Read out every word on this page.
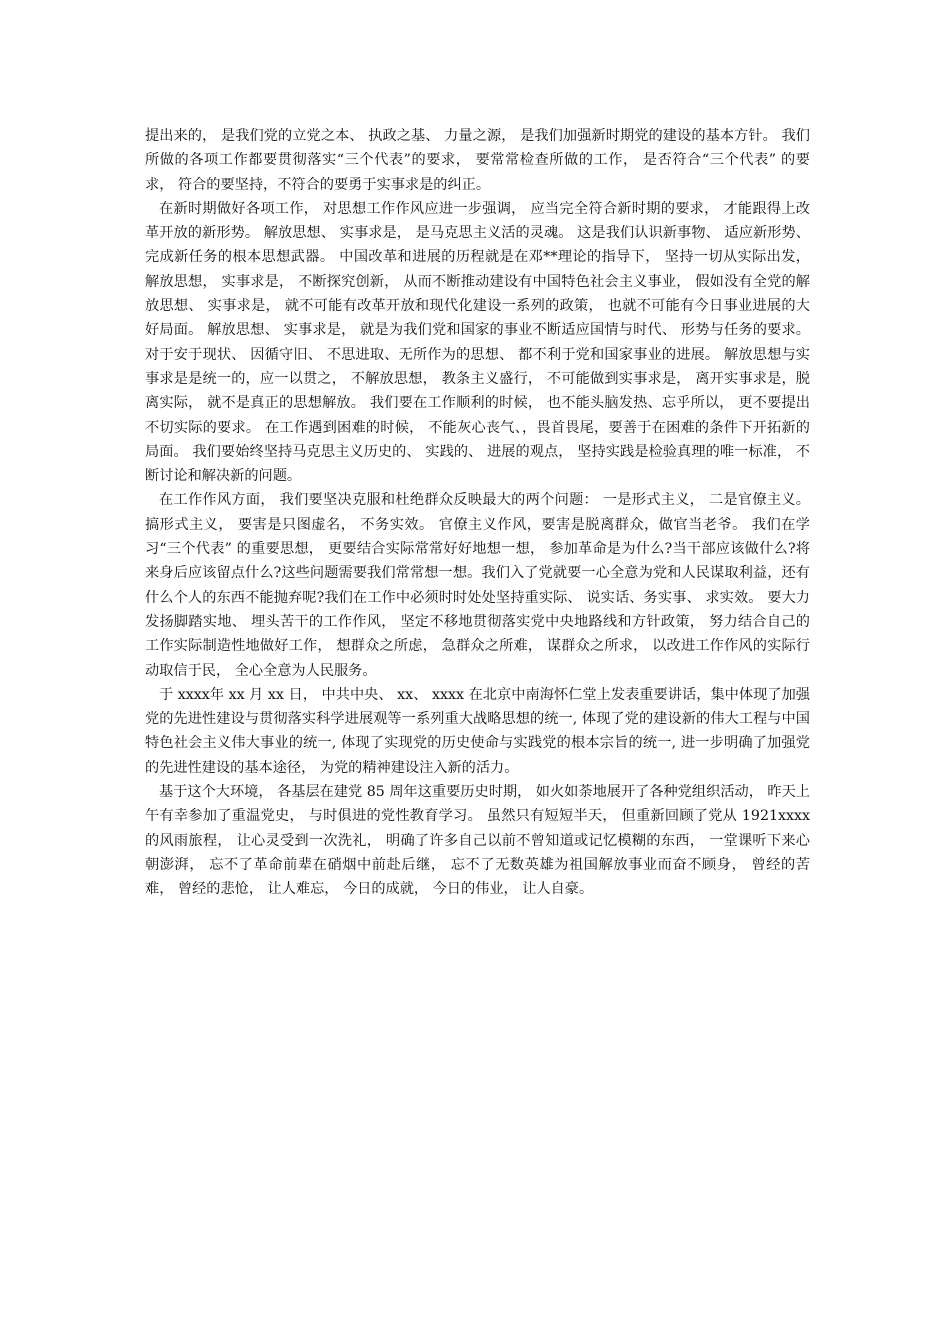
提出来的， 是我们党的立党之本、 执政之基、 力量之源， 是我们加强新时期党的建设的基本方针。 我们所做的各项工作都要贯彻落实“三个代表”的要求， 要常常检查所做的工作， 是否符合“三个代表” 的要求， 符合的要坚持，不符合的要勇于实事求是的纠正。

在新时期做好各项工作， 对思想工作作风应进一步强调， 应当完全符合新时期的要求， 才能跟得上改革开放的新形势。 解放思想、 实事求是， 是马克思主义活的灵魂。 这是我们认识新事物、 适应新形势、 完成新任务的根本思想武器。 中国改革和进展的历程就是在邓**理论的指导下， 坚持一切从实际出发， 解放思想， 实事求是， 不断探究创新， 从而不断推动建设有中国特色社会主义事业， 假如没有全党的解放思想、 实事求是， 就不可能有改革开放和现代化建设一系列的政策， 也就不可能有今日事业进展的大好局面。 解放思想、 实事求是， 就是为我们党和国家的事业不断适应国情与时代、 形势与任务的要求。 对于安于现状、 因循守旧、 不思进取、无所作为的思想、 都不利于党和国家事业的进展。 解放思想与实事求是是统一的，应一以贯之， 不解放思想， 教条主义盛行， 不可能做到实事求是， 离开实事求是，脱离实际， 就不是真正的思想解放。 我们要在工作顺利的时候， 也不能头脑发热、忘乎所以， 更不要提出不切实际的要求。 在工作遇到困难的时候， 不能灰心丧气、，畏首畏尾，要善于在困难的条件下开拓新的局面。 我们要始终坚持马克思主义历史的、 实践的、 进展的观点， 坚持实践是检验真理的唯一标准， 不断讨论和解决新的问题。

在工作作风方面， 我们要坚决克服和杜绝群众反映最大的两个问题： 一是形式主义， 二是官僚主义。 搞形式主义， 要害是只图虚名， 不务实效。 官僚主义作风，要害是脱离群众，做官当老爷。 我们在学习“三个代表” 的重要思想， 更要结合实际常常好好地想一想， 参加革命是为什么?当干部应该做什么?将来身后应该留点什么?这些问题需要我们常常想一想。我们入了党就要一心全意为党和人民谋取利益，还有什么个人的东西不能抛弃呢?我们在工作中必须时时处处坚持重实际、 说实话、务实事、 求实效。 要大力发扬脚踏实地、 埋头苦干的工作作风， 坚定不移地贯彻落实党中央地路线和方针政策， 努力结合自己的工作实际制造性地做好工作， 想群众之所虑， 急群众之所难， 谋群众之所求， 以改进工作作风的实际行动取信于民， 全心全意为人民服务。

于 xxxx年 xx 月 xx 日， 中共中央、 xx、 xxxx 在北京中南海怀仁堂上发表重要讲话，集中体现了加强党的先进性建设与贯彻落实科学进展观等一系列重大战略思想的统一, 体现了党的建设新的伟大工程与中国特色社会主义伟大事业的统一, 体现了实现党的历史使命与实践党的根本宗旨的统一, 进一步明确了加强党的先进性建设的基本途径， 为党的精神建设注入新的活力。

基于这个大环境， 各基层在建党 85 周年这重要历史时期， 如火如荼地展开了各种党组织活动， 昨天上午有幸参加了重温党史， 与时俱进的党性教育学习。 虽然只有短短半天， 但重新回顾了党从 1921xxxx 的风雨旅程， 让心灵受到一次洗礼， 明确了许多自己以前不曾知道或记忆模糊的东西， 一堂课听下来心朝澎湃， 忘不了革命前辈在硝烟中前赴后继， 忘不了无数英雄为祖国解放事业而奋不顾身， 曾经的苦难， 曾经的悲怆， 让人难忘， 今日的成就， 今日的伟业， 让人自豪。
